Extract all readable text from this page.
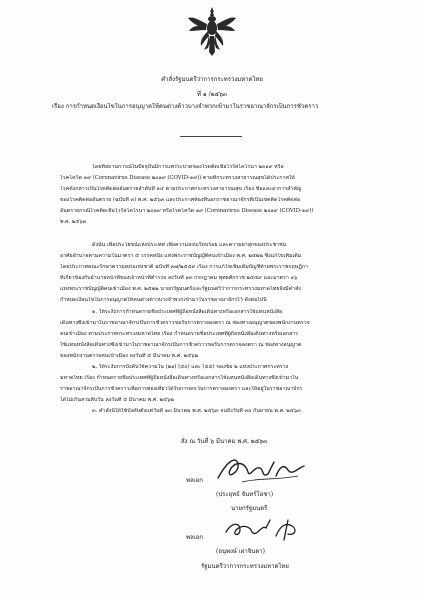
คำสั่งรัฐมนตรีว่าการกระทรวงมหาดไทย
ที่ ๑ /๒๕๖๓
เรื่อง การกำหนดเงื่อนไขในการอนุญาตให้คนต่างด้าวบางจำพวกเข้ามาในราชอาณาจักรเป็นการชั่วคราว
โดยที่สถานการณ์ในปัจจุบันมีการแพร่ระบาดของโรคติดเชื้อไวรัสโคโรนา ๒๐๑๙ หรือ
โรคโควิด ๑๙ (Coronavirus Disease ๒๐๑๙ (COVID-๑๙)) ตามที่กระทรวงสาธารณสุขได้ประกาศให้
โรคดังกล่าวเป็นโรคติดต่ออันตรายลำดับที่ ๑๔ ตามประกาศกระทรวงสาธารณสุข เรื่อง ชื่อและอาการสำคัญ
ของโรคติดต่ออันตราย (ฉบับที่ ๓) พ.ศ. ๒๕๖๓ และประกาศท้องที่นอกราชอาณาจักรที่เป็นเขตติดโรคติดต่อ
อันตรายกรณีโรคติดเชื้อไวรัสโคโรนา ๒๐๑๙ หรือโรคโควิด ๑๙ (Coronavirus Disease ๒๐๑๙ (COVID-๑๙))
พ.ศ. ๒๕๖๓
ดังนั้น เพื่อประโยชน์แห่งประเทศ เพื่อความสงบเรียบร้อย และความผาสุกของประชาชน
อาศัยอำนาจตามความในมาตรา ๕ วรรคหนึ่ง แห่งพระราชบัญญัติคนเข้าเมือง พ.ศ. ๒๕๒๒ ซึ่งแก้ไขเพิ่มเติม
โดยประกาศคณะรักษาความสงบแห่งชาติ ฉบับที่ ๓๗/๒๕๕๙ เรื่อง การแก้ไขเพิ่มเติมบัญชีท้ายพระราชกฤษฎีกา
ที่เกี่ยวข้องกับอำนาจหน้าที่ของเจ้าหน้าที่ตำรวจ ลงวันที่ ๑๓ กรกฎาคม พุทธศักราช ๒๕๕๙ และมาตรา ๑๖
แห่งพระราชบัญญัติคนเข้าเมือง พ.ศ. ๒๕๒๒ นายกรัฐมนตรีและรัฐมนตรีว่าการกระทรวงมหาดไทยจึงมีคำสั่ง
กำหนดเงื่อนไขในการอนุญาตให้คนต่างด้าวบางจำพวกเข้ามาในราชอาณาจักรไว้ ดังต่อไปนี้
๑. ให้ระงับการกำหนดรายชื่อประเทศที่ผู้ถือหนังสือเดินทางหรือเอกสารใช้แทนหนังสือ
เดินทางซึ่งเข้ามาในราชอาณาจักรเป็นการชั่วคราวขอรับการตรวจลงตรา ณ ช่องทางอนุญาตของพนักงานตรวจ
คนเข้าเมือง ตามประกาศกระทรวงมหาดไทย เรื่อง กำหนดรายชื่อประเทศที่ผู้ถือหนังสือเดินทางหรือเอกสาร
ใช้แทนหนังสือเดินทางซึ่งเข้ามาในราชอาณาจักรเป็นการชั่วคราวขอรับการตรวจลงตรา ณ ช่องทางอนุญาต
ของพนักงานตรวจคนเข้าเมือง ลงวันที่ ๕ มีนาคม พ.ศ. ๒๕๖๒
๒. ให้ระงับการบังคับใช้ความใน (๒๑) (๕๐) และ (๕๕) ของข้อ ๒ แห่งประกาศกระทรวง
มหาดไทย เรื่อง กำหนดรายชื่อประเทศที่ผู้ถือหนังสือเดินทางหรือเอกสารใช้แทนหนังสือเดินทางซึ่งเข้ามาใน
ราชอาณาจักรเป็นการชั่วคราวเพื่อการท่องเที่ยวได้รับการยกเว้นการตรวจลงตรา และให้อยู่ในราชอาณาจักร
ได้ไม่เกินสามสิบวัน ลงวันที่ ๕ มีนาคม พ.ศ. ๒๕๖๒
๓. คำสั่งนี้ให้ใช้บังคับตั้งแต่วันที่ ๑๓ มีนาคม พ.ศ. ๒๕๖๓ จนถึงวันที่ ๓๐ กันยายน พ.ศ. ๒๕๖๓
สั่ง ณ วันที่ ๖ มีนาคม พ.ศ. ๒๕๖๓
พลเอก
(ประยุทธ์ จันทร์โอชา)
นายกรัฐมนตรี
พลเอก
(อนุพงษ์ เผ่าจินดา)
รัฐมนตรีว่าการกระทรวงมหาดไทย
